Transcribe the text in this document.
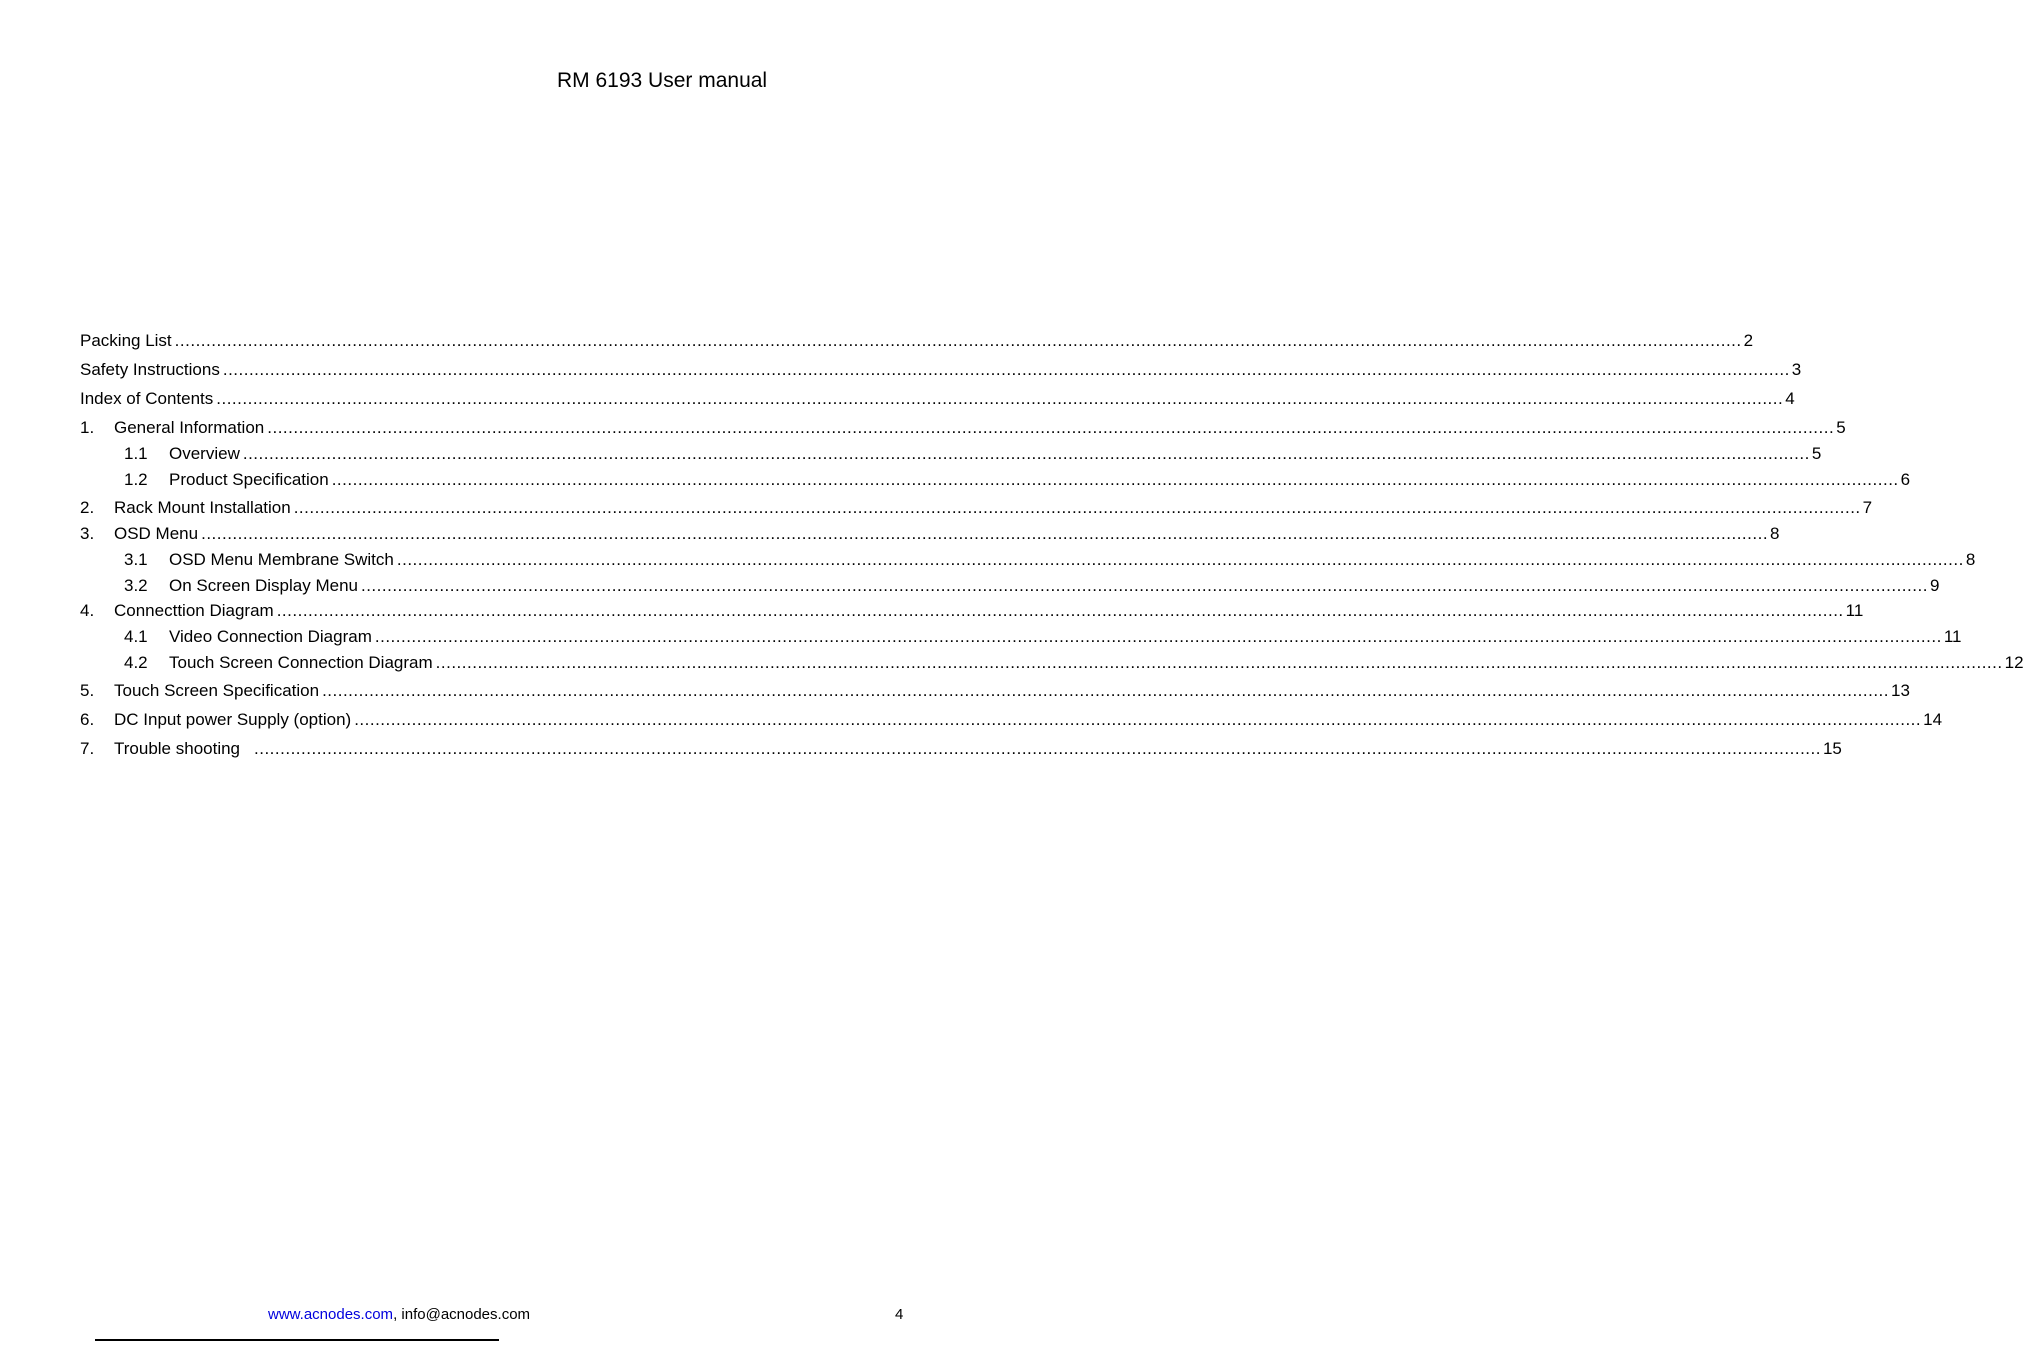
RM 6193 User manual
Packing List ............................................................................................................................................................................................................................................................................................................ 2
Safety Instructions ............................................................................................................................................................................................................................................................................................................ 3
Index of Contents ............................................................................................................................................................................................................................................................................................................ 4
1.	General Information ............................................................................................................................................................................................................................................................................................................ 5
1.1	Overview ............................................................................................................................................................................................................................................................................................................ 5
1.2	Product Specification ............................................................................................................................................................................................................................................................................................................ 6
2.	Rack Mount Installation ............................................................................................................................................................................................................................................................................................................ 7
3.	OSD Menu ............................................................................................................................................................................................................................................................................................................ 8
3.1	OSD Menu Membrane Switch ............................................................................................................................................................................................................................................................................................................ 8
3.2	On Screen Display Menu ............................................................................................................................................................................................................................................................................................................ 9
4.	Connecttion Diagram ............................................................................................................................................................................................................................................................................................................ 11
4.1	Video Connection Diagram ............................................................................................................................................................................................................................................................................................................ 11
4.2	Touch Screen Connection Diagram ............................................................................................................................................................................................................................................................................................................ 12
5.	Touch Screen Specification ............................................................................................................................................................................................................................................................................................................ 13
6.	DC Input power Supply (option) ............................................................................................................................................................................................................................................................................................................ 14
7.	Trouble shooting ............................................................................................................................................................................................................................................................................................................ 15
www.acnodes.com, info@acnodes.com	4
